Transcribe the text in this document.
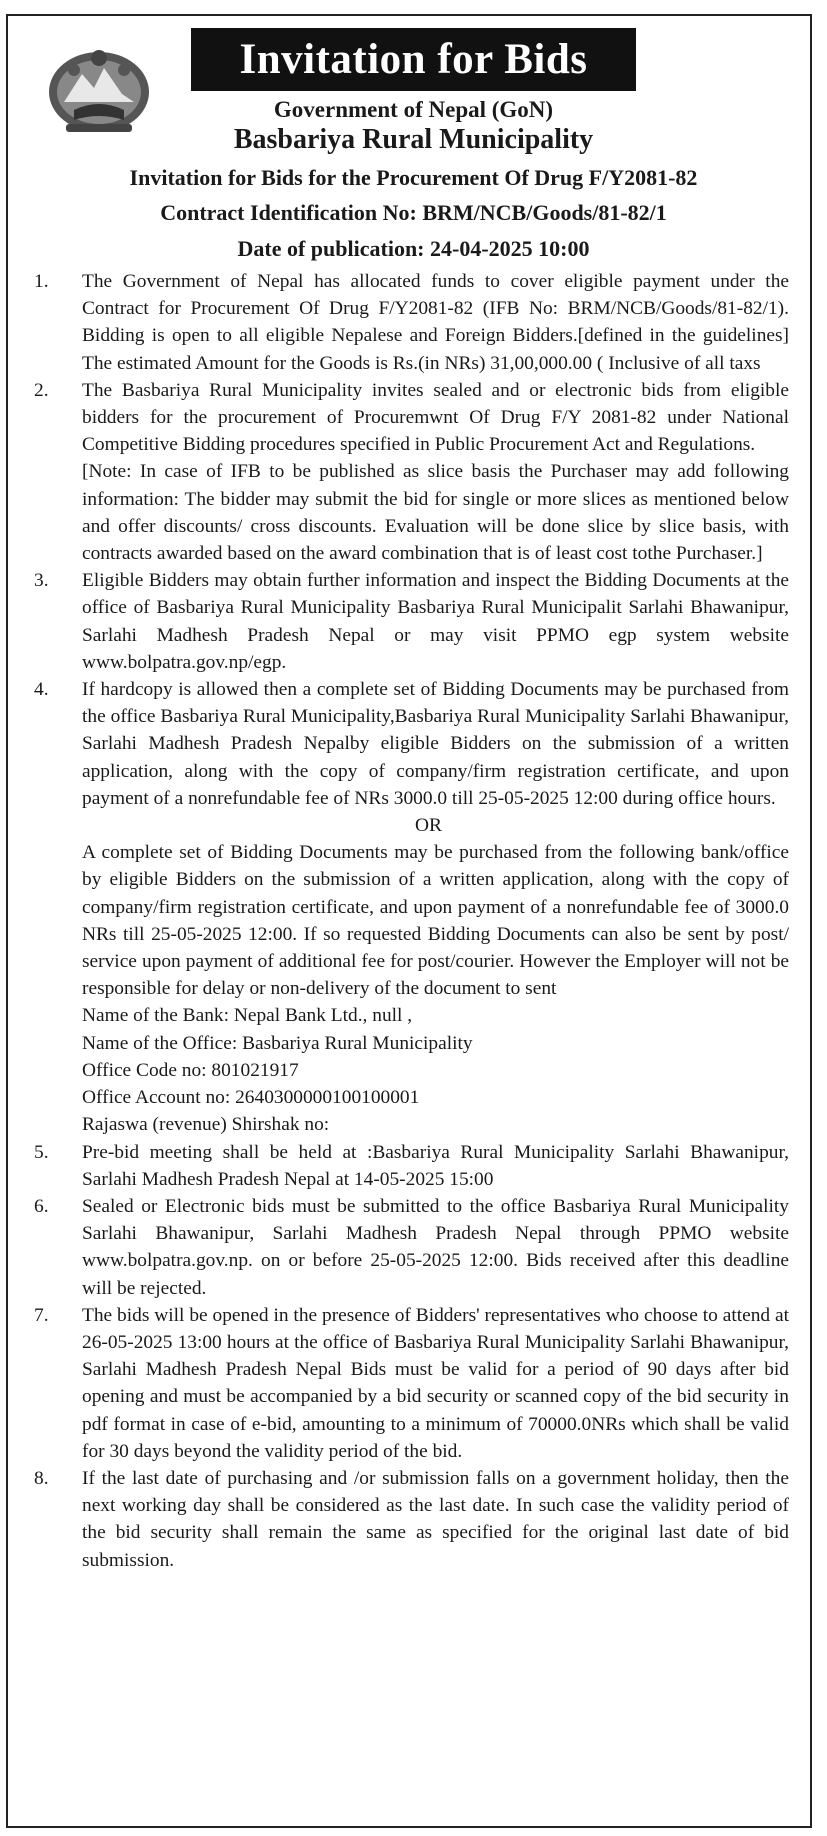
Invitation for Bids
Government of Nepal (GoN)
Basbariya Rural Municipality
Invitation for Bids for the Procurement Of Drug F/Y2081-82
Contract Identification No: BRM/NCB/Goods/81-82/1
Date of publication: 24-04-2025 10:00
1. The Government of Nepal has allocated funds to cover eligible payment under the Contract for Procurement Of Drug F/Y2081-82 (IFB No: BRM/NCB/Goods/81-82/1). Bidding is open to all eligible Nepalese and Foreign Bidders.[defined in the guidelines] The estimated Amount for the Goods is Rs.(in NRs) 31,00,000.00 ( Inclusive of all taxs
2. The Basbariya Rural Municipality invites sealed and or electronic bids from eligible bidders for the procurement of Procuremwnt Of Drug F/Y 2081-82 under National Competitive Bidding procedures specified in Public Procurement Act and Regulations.
[Note: In case of IFB to be published as slice basis the Purchaser may add following information: The bidder may submit the bid for single or more slices as mentioned below and offer discounts/ cross discounts. Evaluation will be done slice by slice basis, with contracts awarded based on the award combination that is of least cost tothe Purchaser.]
3. Eligible Bidders may obtain further information and inspect the Bidding Documents at the office of Basbariya Rural Municipality Basbariya Rural Municipalit Sarlahi Bhawanipur, Sarlahi Madhesh Pradesh Nepal or may visit PPMO egp system website www.bolpatra.gov.np/egp.
4. If hardcopy is allowed then a complete set of Bidding Documents may be purchased from the office Basbariya Rural Municipality,Basbariya Rural Municipality Sarlahi Bhawanipur, Sarlahi Madhesh Pradesh Nepalby eligible Bidders on the submission of a written application, along with the copy of company/firm registration certificate, and upon payment of a nonrefundable fee of NRs 3000.0 till 25-05-2025 12:00 during office hours.
OR
A complete set of Bidding Documents may be purchased from the following bank/office by eligible Bidders on the submission of a written application, along with the copy of company/firm registration certificate, and upon payment of a nonrefundable fee of 3000.0 NRs till 25-05-2025 12:00. If so requested Bidding Documents can also be sent by post/ service upon payment of additional fee for post/courier. However the Employer will not be responsible for delay or non-delivery of the document to sent
Name of the Bank: Nepal Bank Ltd., null ,
Name of the Office: Basbariya Rural Municipality
Office Code no: 801021917
Office Account no: 2640300000100100001
Rajaswa (revenue) Shirshak no:
5. Pre-bid meeting shall be held at :Basbariya Rural Municipality Sarlahi Bhawanipur, Sarlahi Madhesh Pradesh Nepal at 14-05-2025 15:00
6. Sealed or Electronic bids must be submitted to the office Basbariya Rural Municipality Sarlahi Bhawanipur, Sarlahi Madhesh Pradesh Nepal through PPMO website www.bolpatra.gov.np. on or before 25-05-2025 12:00. Bids received after this deadline will be rejected.
7. The bids will be opened in the presence of Bidders' representatives who choose to attend at 26-05-2025 13:00 hours at the office of Basbariya Rural Municipality Sarlahi Bhawanipur, Sarlahi Madhesh Pradesh Nepal Bids must be valid for a period of 90 days after bid opening and must be accompanied by a bid security or scanned copy of the bid security in pdf format in case of e-bid, amounting to a minimum of 70000.0NRs which shall be valid for 30 days beyond the validity period of the bid.
8. If the last date of purchasing and /or submission falls on a government holiday, then the next working day shall be considered as the last date. In such case the validity period of the bid security shall remain the same as specified for the original last date of bid submission.
